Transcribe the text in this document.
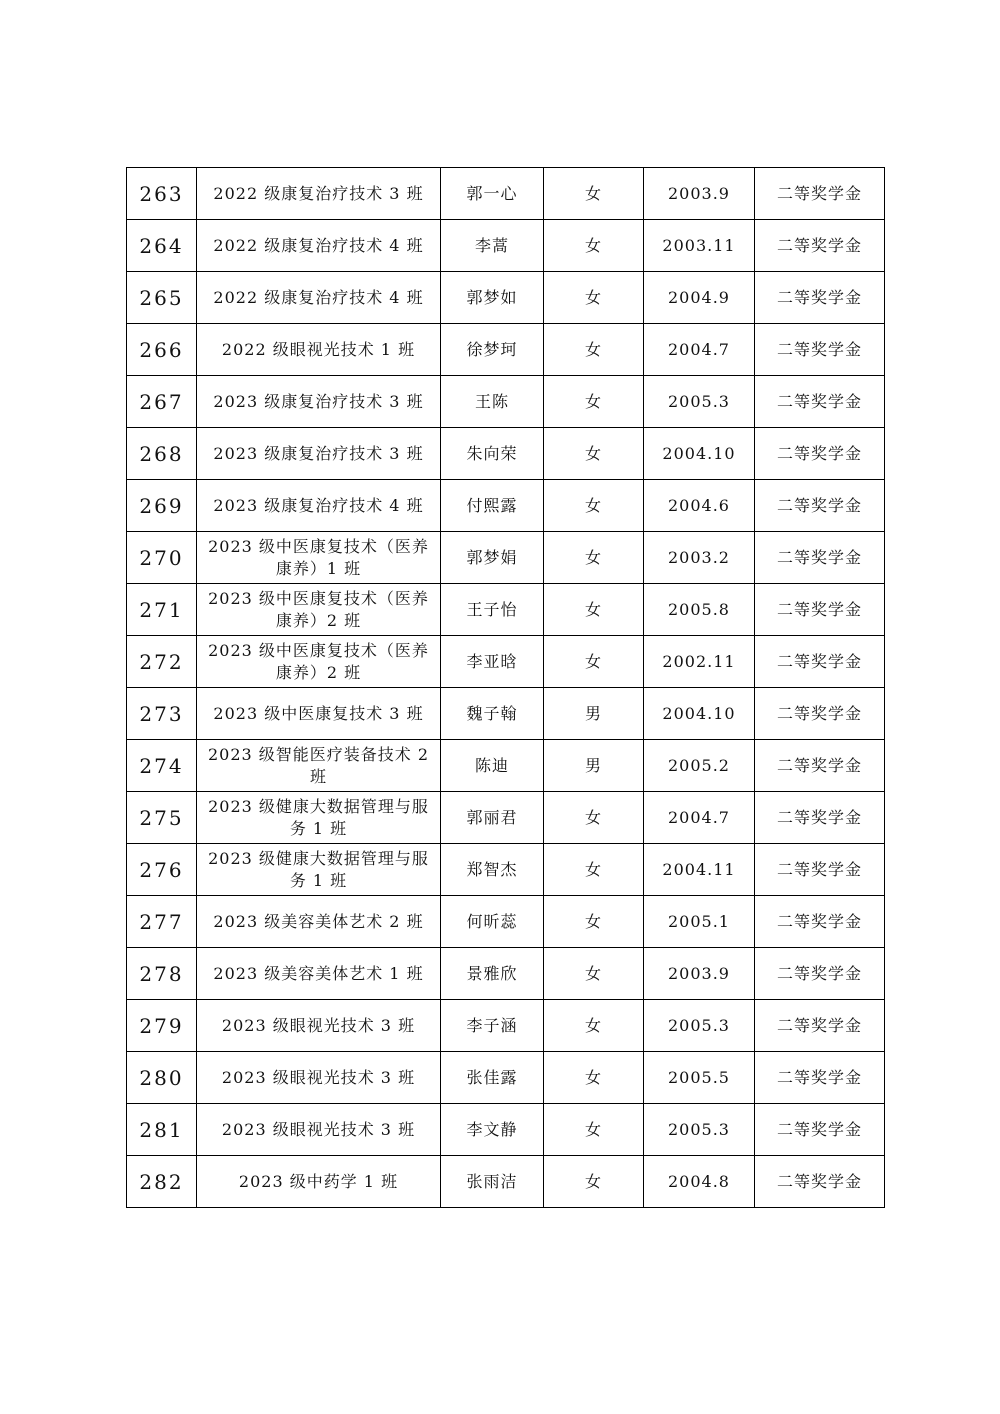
263	2022 级康复治疗技术 3 班	郭一心	女	2003.9	二等奖学金
264	2022 级康复治疗技术 4 班	李蒿	女	2003.11	二等奖学金
265	2022 级康复治疗技术 4 班	郭梦如	女	2004.9	二等奖学金
266	2022 级眼视光技术 1 班	徐梦珂	女	2004.7	二等奖学金
267	2023 级康复治疗技术 3 班	王陈	女	2005.3	二等奖学金
268	2023 级康复治疗技术 3 班	朱向荣	女	2004.10	二等奖学金
269	2023 级康复治疗技术 4 班	付熙露	女	2004.6	二等奖学金
270	2023 级中医康复技术（医养康养）1 班	郭梦娟	女	2003.2	二等奖学金
271	2023 级中医康复技术（医养康养）2 班	王子怡	女	2005.8	二等奖学金
272	2023 级中医康复技术（医养康养）2 班	李亚晗	女	2002.11	二等奖学金
273	2023 级中医康复技术 3 班	魏子翰	男	2004.10	二等奖学金
274	2023 级智能医疗装备技术 2 班	陈迪	男	2005.2	二等奖学金
275	2023 级健康大数据管理与服务 1 班	郭丽君	女	2004.7	二等奖学金
276	2023 级健康大数据管理与服务 1 班	郑智杰	女	2004.11	二等奖学金
277	2023 级美容美体艺术 2 班	何昕蕊	女	2005.1	二等奖学金
278	2023 级美容美体艺术 1 班	景雅欣	女	2003.9	二等奖学金
279	2023 级眼视光技术 3 班	李子涵	女	2005.3	二等奖学金
280	2023 级眼视光技术 3 班	张佳露	女	2005.5	二等奖学金
281	2023 级眼视光技术 3 班	李文静	女	2005.3	二等奖学金
282	2023 级中药学 1 班	张雨洁	女	2004.8	二等奖学金
